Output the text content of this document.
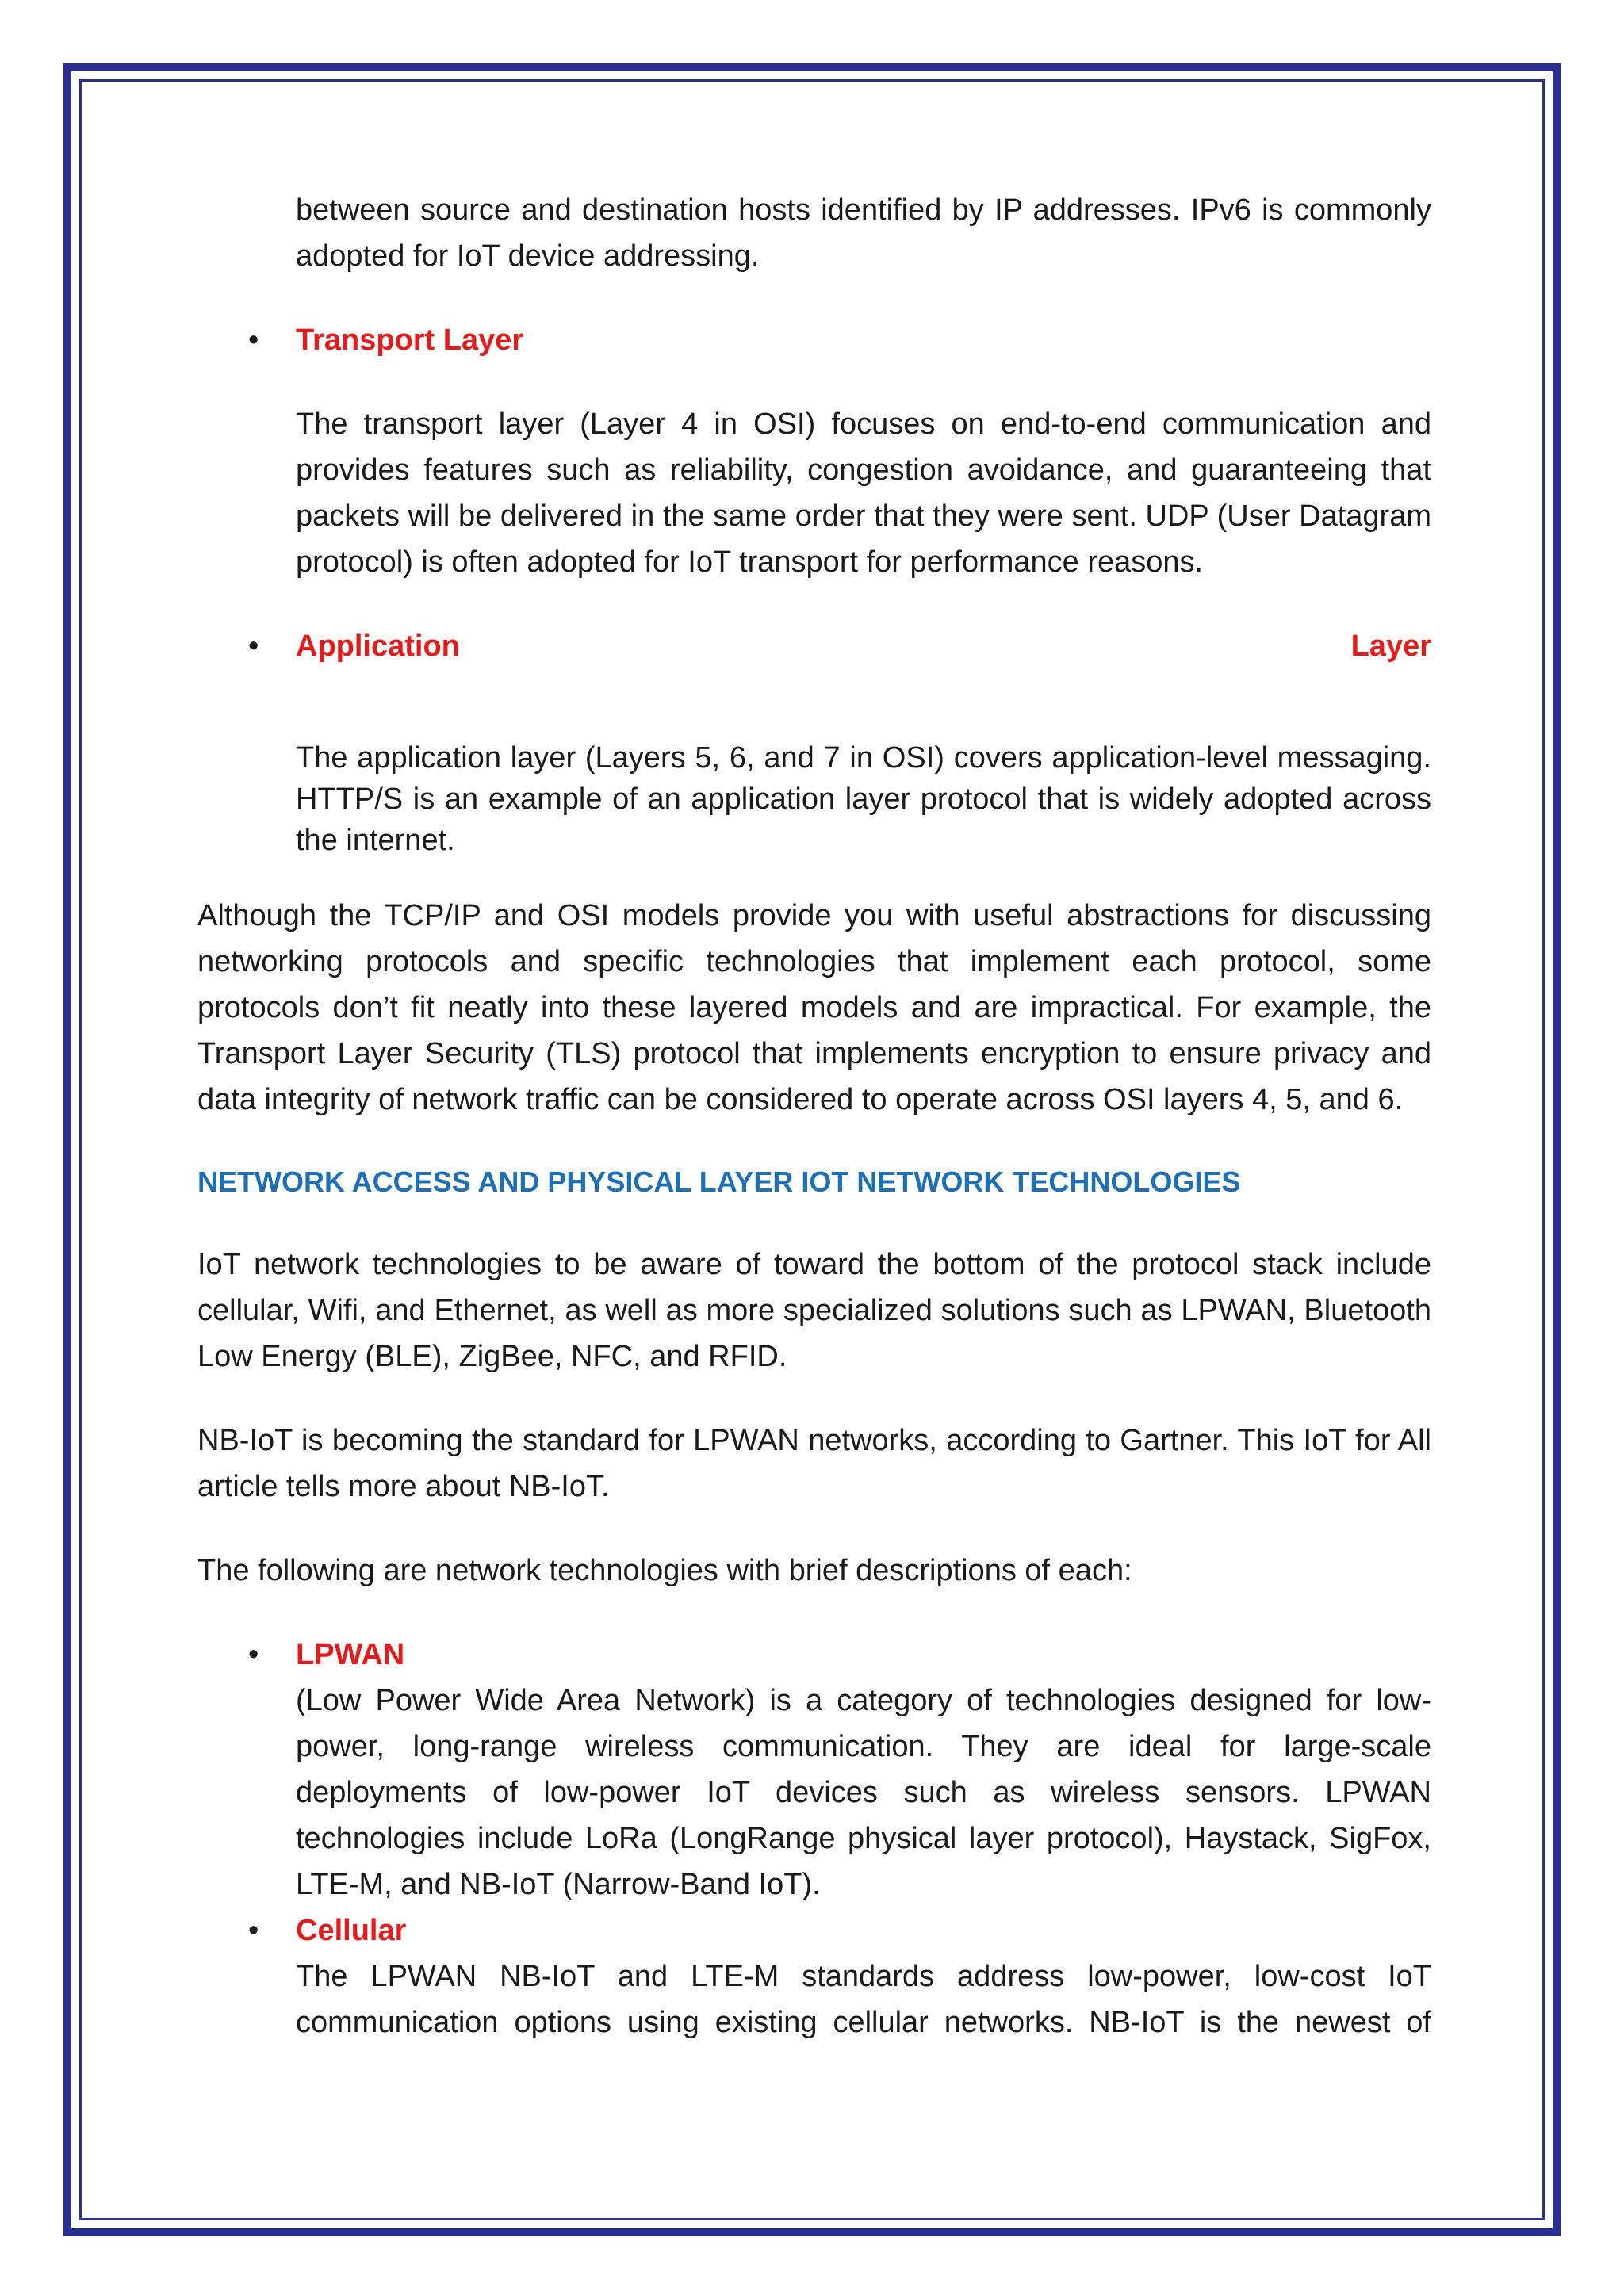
between source and destination hosts identified by IP addresses. IPv6 is commonly adopted for IoT device addressing.

• Transport Layer

The transport layer (Layer 4 in OSI) focuses on end-to-end communication and provides features such as reliability, congestion avoidance, and guaranteeing that packets will be delivered in the same order that they were sent. UDP (User Datagram protocol) is often adopted for IoT transport for performance reasons.

• Application	Layer

The application layer (Layers 5, 6, and 7 in OSI) covers application-level messaging. HTTP/S is an example of an application layer protocol that is widely adopted across the internet.

Although the TCP/IP and OSI models provide you with useful abstractions for discussing networking protocols and specific technologies that implement each protocol, some protocols don’t fit neatly into these layered models and are impractical. For example, the Transport Layer Security (TLS) protocol that implements encryption to ensure privacy and data integrity of network traffic can be considered to operate across OSI layers 4, 5, and 6.

NETWORK ACCESS AND PHYSICAL LAYER IOT NETWORK TECHNOLOGIES

IoT network technologies to be aware of toward the bottom of the protocol stack include cellular, Wifi, and Ethernet, as well as more specialized solutions such as LPWAN, Bluetooth Low Energy (BLE), ZigBee, NFC, and RFID.

NB-IoT is becoming the standard for LPWAN networks, according to Gartner. This IoT for All article tells more about NB-IoT.

The following are network technologies with brief descriptions of each:

• LPWAN

(Low Power Wide Area Network) is a category of technologies designed for low-power, long-range wireless communication. They are ideal for large-scale deployments of low-power IoT devices such as wireless sensors. LPWAN technologies include LoRa (LongRange physical layer protocol), Haystack, SigFox, LTE-M, and NB-IoT (Narrow-Band IoT).

• Cellular

The LPWAN NB-IoT and LTE-M standards address low-power, low-cost IoT communication options using existing cellular networks. NB-IoT is the newest of
